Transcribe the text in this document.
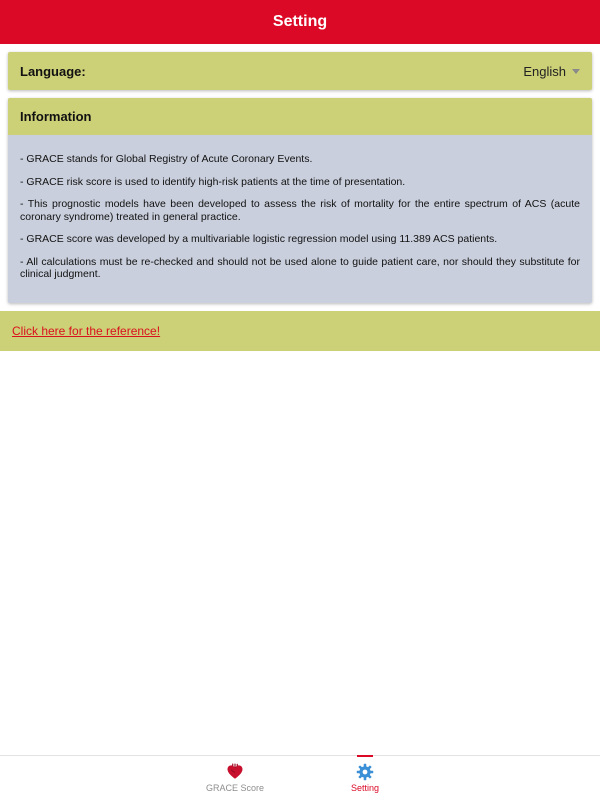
Setting
Language:	English
Information

- GRACE stands for Global Registry of Acute Coronary Events.

- GRACE risk score is used to identify high-risk patients at the time of presentation.

- This prognostic models have been developed to assess the risk of mortality for the entire spectrum of ACS (acute coronary syndrome) treated in general practice.

- GRACE score was developed by a multivariable logistic regression model using 11.389 ACS patients.

- All calculations must be re-checked and should not be used alone to guide patient care, nor should they substitute for clinical judgment.

Click here for the reference!
GRACE Score	Setting
